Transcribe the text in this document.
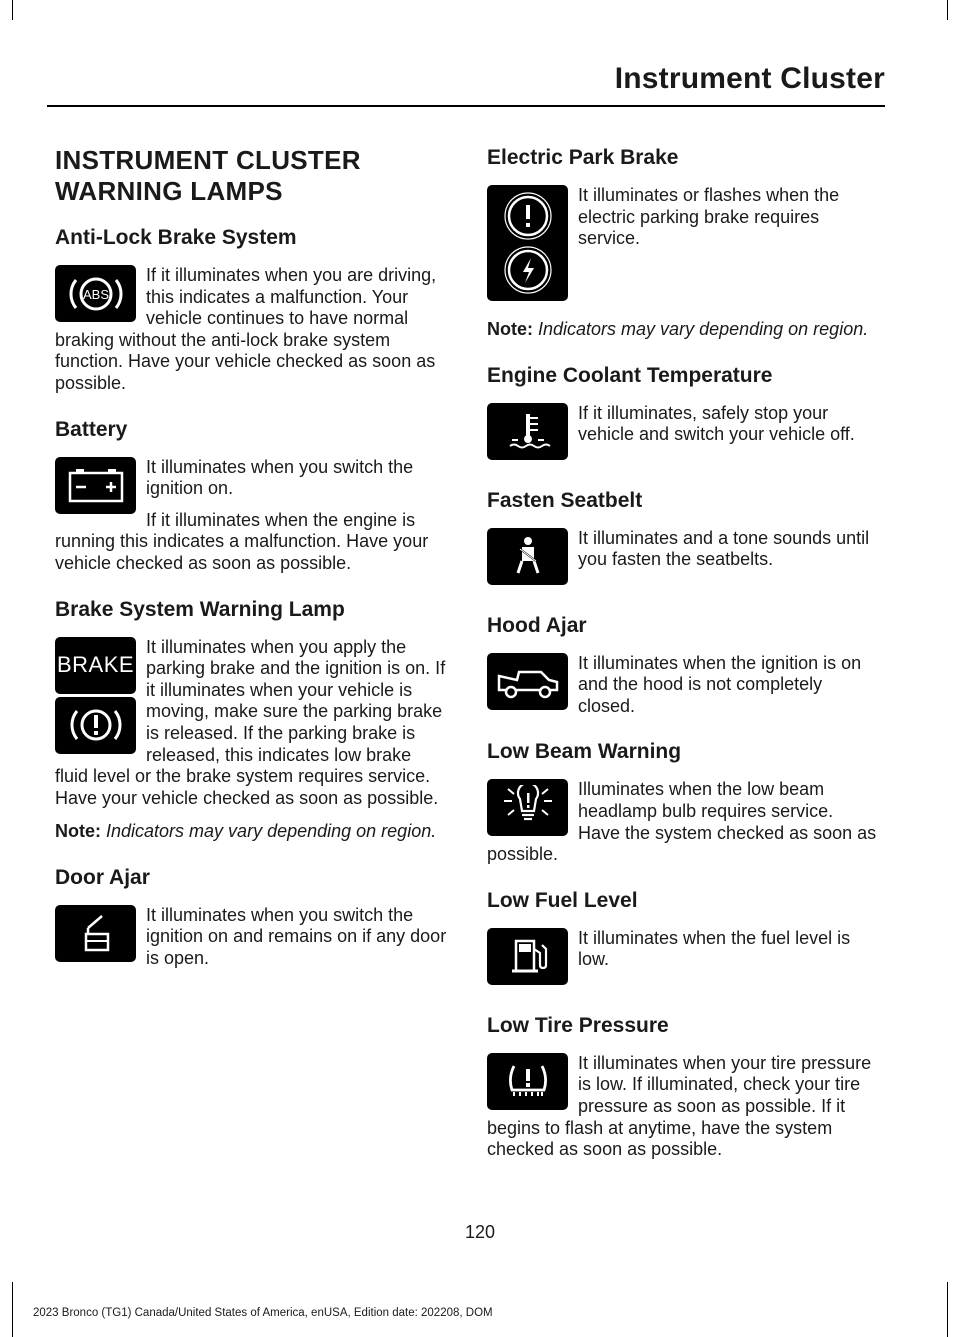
Instrument Cluster
INSTRUMENT CLUSTER WARNING LAMPS
Anti-Lock Brake System
ABS

If it illuminates when you are driving, this indicates a malfunction. Your vehicle continues to have normal braking without the anti-lock brake system function. Have your vehicle checked as soon as possible.

Battery

It illuminates when you switch the ignition on.

If it illuminates when the engine is running this indicates a malfunction. Have your vehicle checked as soon as possible.

Brake System Warning Lamp
BRAKE

It illuminates when you apply the parking brake and the ignition is on. If it illuminates when your vehicle is moving, make sure the parking brake is released. If the parking brake is released, this indicates low brake fluid level or the brake system requires service. Have your vehicle checked as soon as possible.

Note: Indicators may vary depending on region.

Door Ajar

It illuminates when you switch the ignition on and remains on if any door is open.

Electric Park Brake

It illuminates or flashes when the electric parking brake requires service.

Note: Indicators may vary depending on region.

Engine Coolant Temperature

If it illuminates, safely stop your vehicle and switch your vehicle off.

Fasten Seatbelt

It illuminates and a tone sounds until you fasten the seatbelts.

Hood Ajar

It illuminates when the ignition is on and the hood is not completely closed.

Low Beam Warning

Illuminates when the low beam headlamp bulb requires service. Have the system checked as soon as possible.

Low Fuel Level

It illuminates when the fuel level is low.

Low Tire Pressure

It illuminates when your tire pressure is low. If illuminated, check your tire pressure as soon as possible. If it begins to flash at anytime, have the system checked as soon as possible.

120
2023 Bronco (TG1) Canada/United States of America, enUSA, Edition date: 202208, DOM
